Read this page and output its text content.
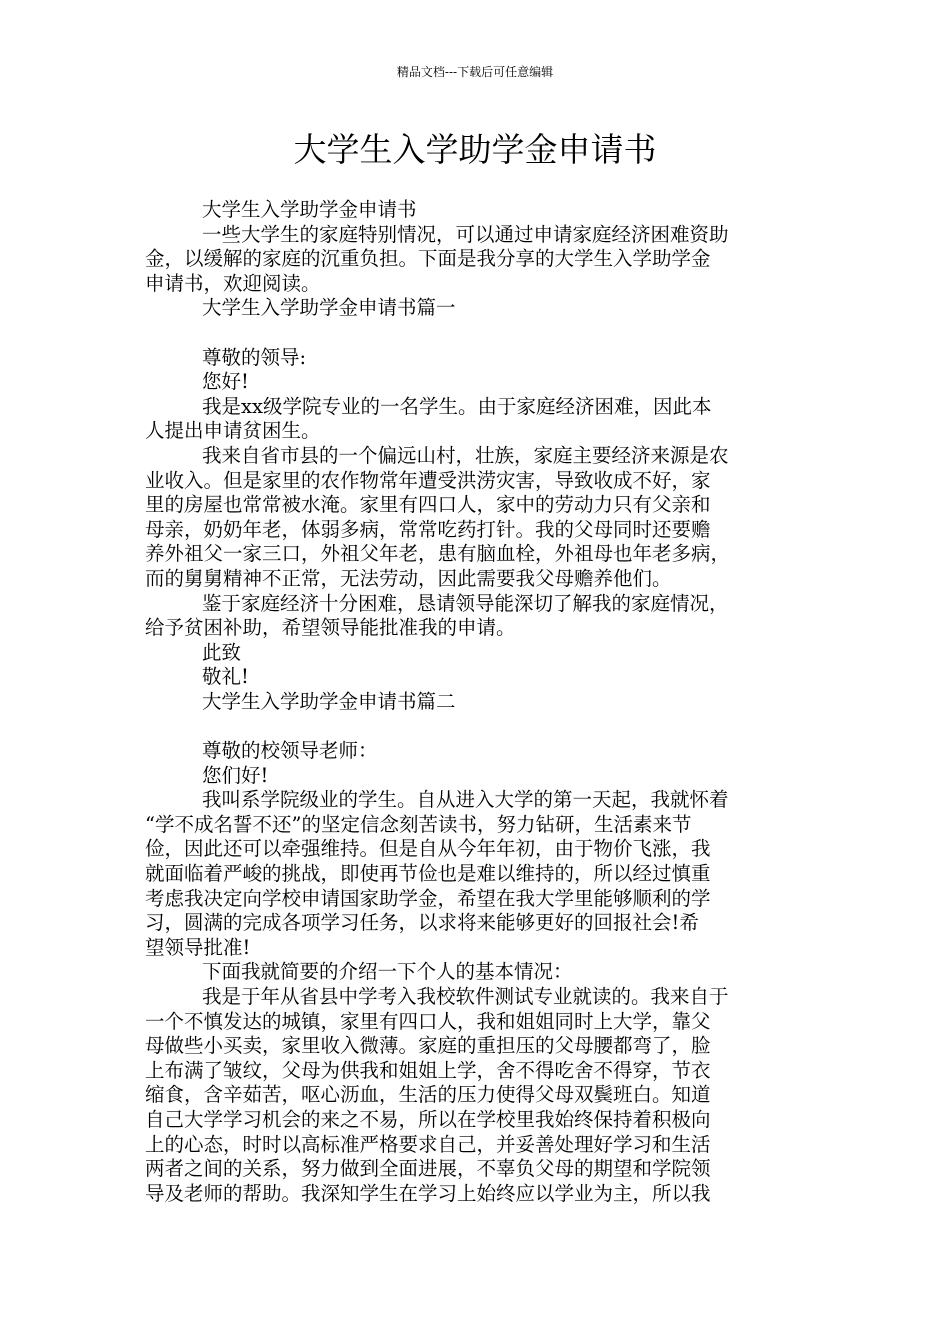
精品文档---下载后可任意编辑
大学生入学助学金申请书
大学生入学助学金申请书
一些大学生的家庭特别情况，可以通过申请家庭经济困难资助
金，以缓解的家庭的沉重负担。下面是我分享的大学生入学助学金
申请书，欢迎阅读。
大学生入学助学金申请书篇一
尊敬的领导:
您好!
我是xx级学院专业的一名学生。由于家庭经济困难，因此本
人提出申请贫困生。
我来自省市县的一个偏远山村，壮族，家庭主要经济来源是农
业收入。但是家里的农作物常年遭受洪涝灾害，导致收成不好，家
里的房屋也常常被水淹。家里有四口人，家中的劳动力只有父亲和
母亲，奶奶年老，体弱多病，常常吃药打针。我的父母同时还要赡
养外祖父一家三口，外祖父年老，患有脑血栓，外祖母也年老多病，
而的舅舅精神不正常，无法劳动，因此需要我父母赡养他们。
鉴于家庭经济十分困难，恳请领导能深切了解我的家庭情况，
给予贫困补助，希望领导能批准我的申请。
此致
敬礼!
大学生入学助学金申请书篇二
尊敬的校领导老师：
您们好!
我叫系学院级业的学生。自从进入大学的第一天起，我就怀着
“学不成名誓不还”的坚定信念刻苦读书，努力钻研，生活素来节
俭，因此还可以牵强维持。但是自从今年年初，由于物价飞涨，我
就面临着严峻的挑战，即使再节俭也是难以维持的，所以经过慎重
考虑我决定向学校申请国家助学金，希望在我大学里能够顺利的学
习，圆满的完成各项学习任务，以求将来能够更好的回报社会!希
望领导批准!
下面我就简要的介绍一下个人的基本情况：
我是于年从省县中学考入我校软件测试专业就读的。我来自于
一个不慎发达的城镇，家里有四口人，我和姐姐同时上大学，靠父
母做些小买卖，家里收入微薄。家庭的重担压的父母腰都弯了，脸
上布满了皱纹，父母为供我和姐姐上学，舍不得吃舍不得穿，节衣
缩食，含辛茹苦，呕心沥血，生活的压力使得父母双鬓班白。知道
自己大学学习机会的来之不易，所以在学校里我始终保持着积极向
上的心态，时时以高标准严格要求自己，并妥善处理好学习和生活
两者之间的关系，努力做到全面进展，不辜负父母的期望和学院领
导及老师的帮助。我深知学生在学习上始终应以学业为主，所以我
